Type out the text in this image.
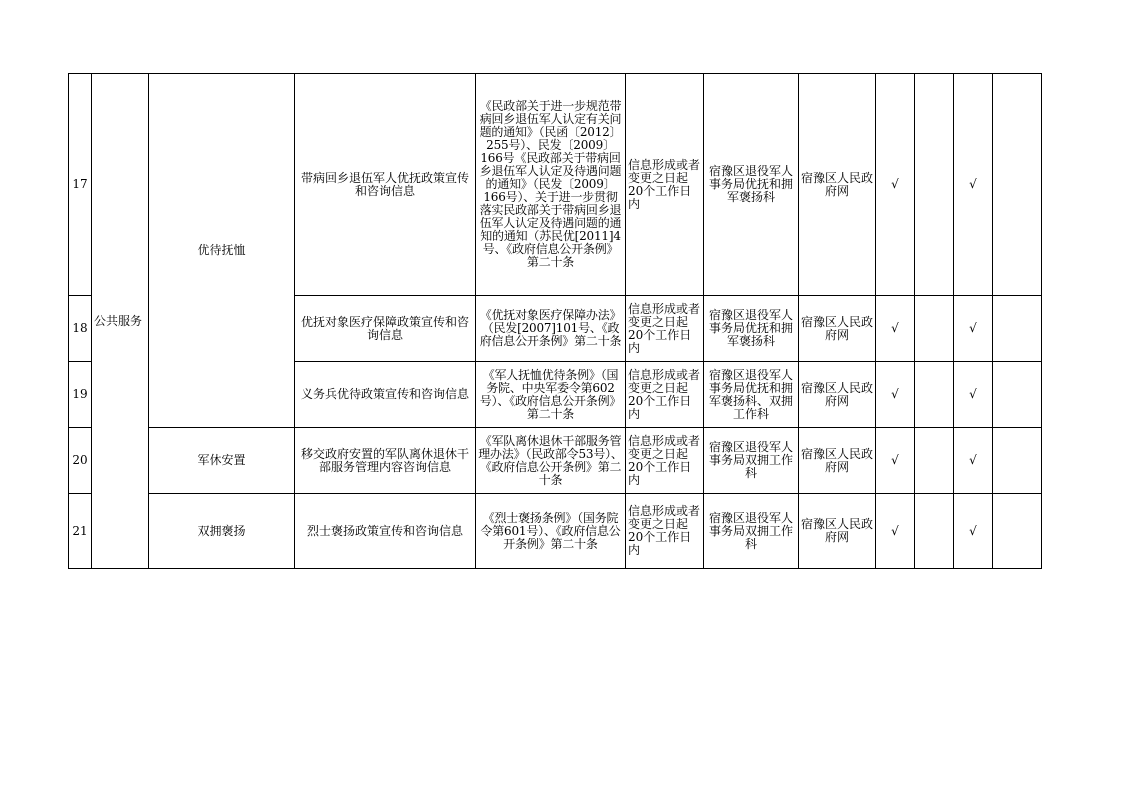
17	公共服务	优待抚恤	带病回乡退伍军人优抚政策宣传和咨询信息	《民政部关于进一步规范带病回乡退伍军人认定有关问题的通知》（民函〔2012〕255号）、民发〔2009〕166号《民政部关于带病回乡退伍军人认定及待遇问题的通知》（民发〔2009〕166号）、关于进一步贯彻落实民政部关于带病回乡退伍军人认定及待遇问题的通知的通知（苏民优[2011]4号、《政府信息公开条例》第二十条	信息形成或者变更之日起20个工作日内	宿豫区退役军人事务局优抚和拥军褒扬科	宿豫区人民政府网	√		√	
18			优抚对象医疗保障政策宣传和咨询信息	《优抚对象医疗保障办法》（民发[2007]101号、《政府信息公开条例》第二十条	信息形成或者变更之日起20个工作日内	宿豫区退役军人事务局优抚和拥军褒扬科	宿豫区人民政府网	√		√	
19			义务兵优待政策宣传和咨询信息	《军人抚恤优待条例》（国务院、中央军委令第602号）、《政府信息公开条例》第二十条	信息形成或者变更之日起20个工作日内	宿豫区退役军人事务局优抚和拥军褒扬科、双拥工作科	宿豫区人民政府网	√		√	
20		军休安置	移交政府安置的军队离休退休干部服务管理内容咨询信息	《军队离休退休干部服务管理办法》（民政部令53号）、《政府信息公开条例》第二十条	信息形成或者变更之日起20个工作日内	宿豫区退役军人事务局双拥工作科	宿豫区人民政府网	√		√	
21		双拥褒扬	烈士褒扬政策宣传和咨询信息	《烈士褒扬条例》（国务院令第601号）、《政府信息公开条例》第二十条	信息形成或者变更之日起20个工作日内	宿豫区退役军人事务局双拥工作科	宿豫区人民政府网	√		√	
